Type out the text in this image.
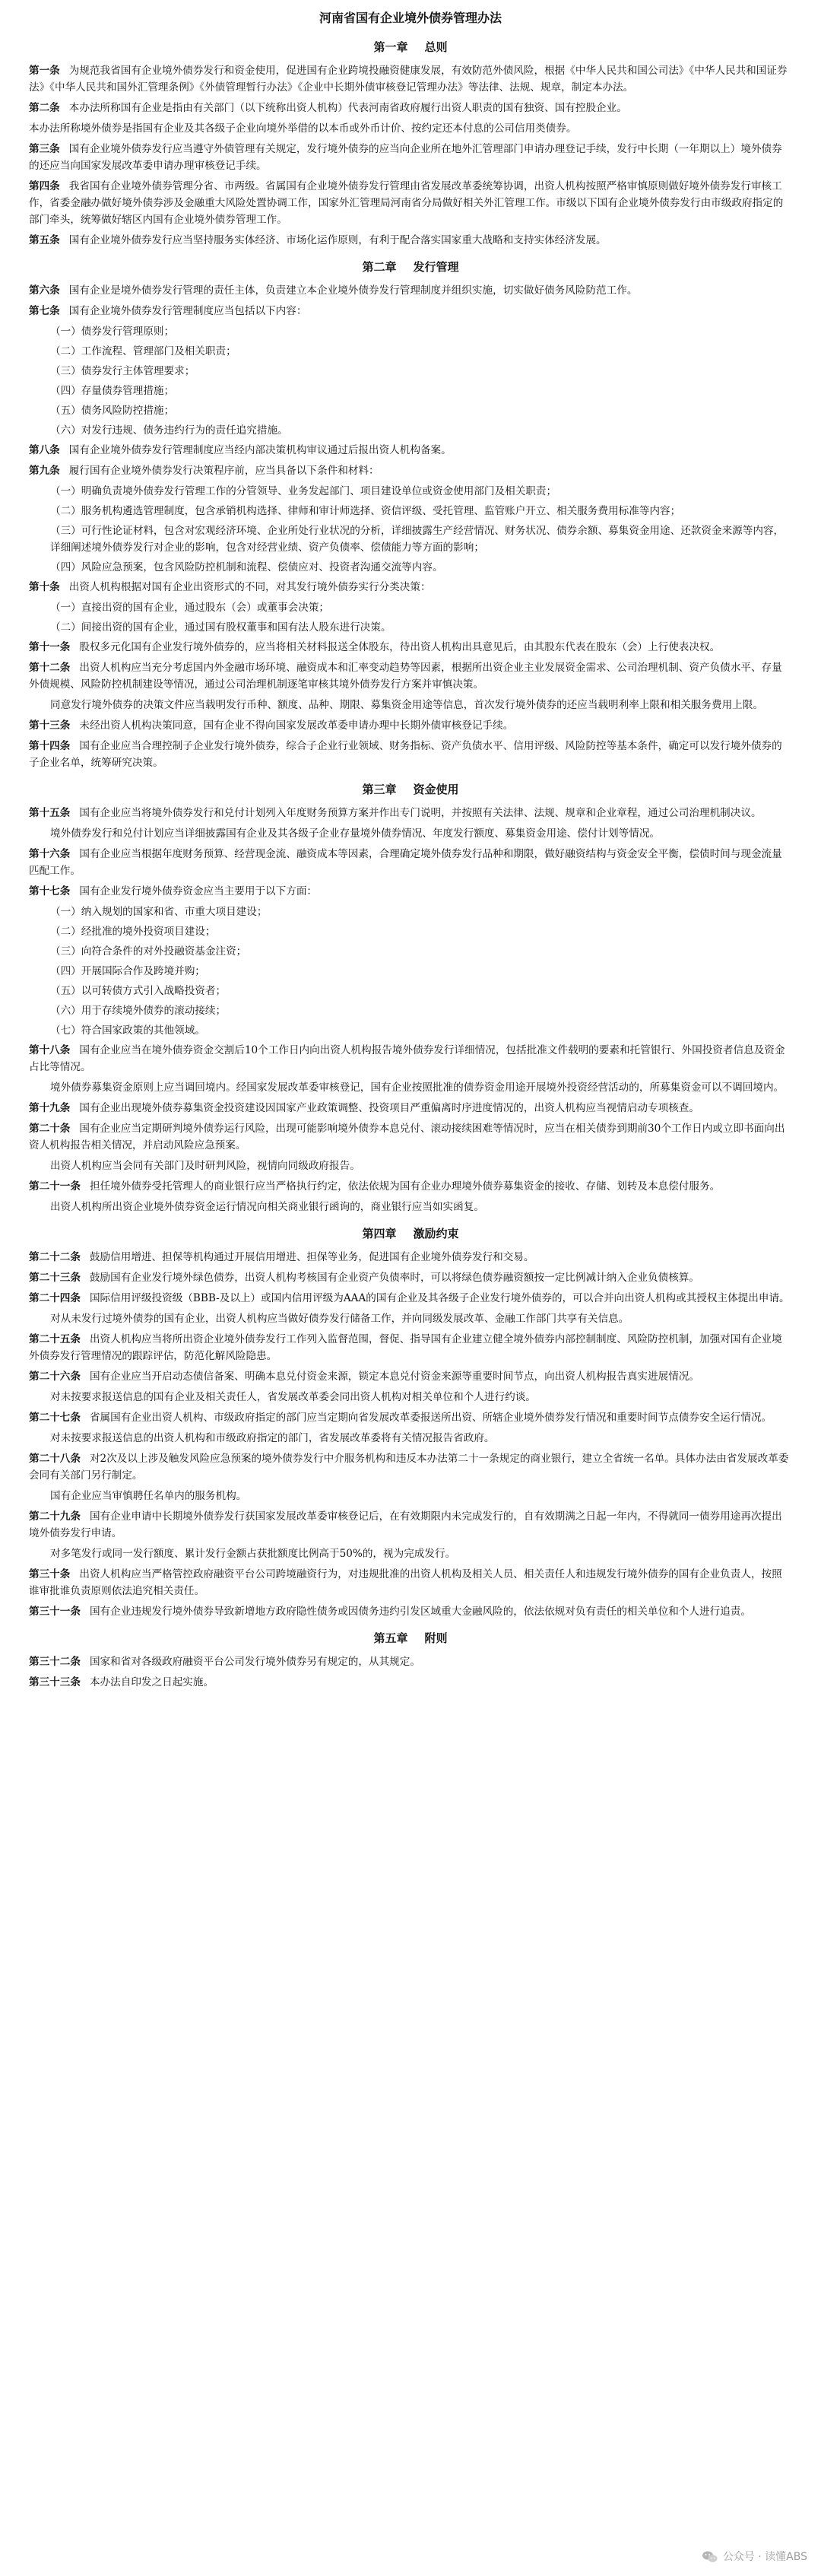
河南省国有企业境外债券管理办法
第一章 总则
第一条 为规范我省国有企业境外债券发行和资金使用，促进国有企业跨境投融资健康发展，有效防范外债风险，根据《中华人民共和国公司法》《中华人民共和国证券法》《中华人民共和国外汇管理条例》《外债管理暂行办法》《企业中长期外债审核登记管理办法》等法律、法规、规章，制定本办法。
第二条 本办法所称国有企业是指由有关部门（以下统称出资人机构）代表河南省政府履行出资人职责的国有独资、国有控股企业。
本办法所称境外债券是指国有企业及其各级子企业向境外举借的以本币或外币计价、按约定还本付息的公司信用类债券。
第三条 国有企业境外债券发行应当遵守外债管理有关规定，发行境外债券的应当向企业所在地外汇管理部门申请办理登记手续，发行中长期（一年期以上）境外债券的还应当向国家发展改革委申请办理审核登记手续。
第四条 我省国有企业境外债券管理分省、市两级。省属国有企业境外债券发行管理由省发展改革委统筹协调，出资人机构按照严格审慎原则做好境外债券发行审核工作，省委金融办做好境外债券涉及金融重大风险处置协调工作，国家外汇管理局河南省分局做好相关外汇管理工作。市级以下国有企业境外债券发行由市级政府指定的部门牵头，统筹做好辖区内国有企业境外债券管理工作。
第五条 国有企业境外债券发行应当坚持服务实体经济、市场化运作原则，有利于配合落实国家重大战略和支持实体经济发展。
第二章 发行管理
第六条 国有企业是境外债券发行管理的责任主体，负责建立本企业境外债券发行管理制度并组织实施，切实做好债务风险防范工作。
第七条 国有企业境外债券发行管理制度应当包括以下内容：
（一）债券发行管理原则；
（二）工作流程、管理部门及相关职责；
（三）债券发行主体管理要求；
（四）存量债券管理措施；
（五）债务风险防控措施；
（六）对发行违规、债务违约行为的责任追究措施。
第八条 国有企业境外债券发行管理制度应当经内部决策机构审议通过后报出资人机构备案。
第九条 履行国有企业境外债券发行决策程序前，应当具备以下条件和材料：
（一）明确负责境外债券发行管理工作的分管领导、业务发起部门、项目建设单位或资金使用部门及相关职责；
（二）服务机构遴选管理制度，包含承销机构选择、律师和审计师选择、资信评级、受托管理、监管账户开立、相关服务费用标准等内容；
（三）可行性论证材料，包含对宏观经济环境、企业所处行业状况的分析，详细披露生产经营情况、财务状况、债券余额、募集资金用途、还款资金来源等内容，详细阐述境外债券发行对企业的影响，包含对经营业绩、资产负债率、偿债能力等方面的影响；
（四）风险应急预案，包含风险防控机制和流程、偿债应对、投资者沟通交流等内容。
第十条 出资人机构根据对国有企业出资形式的不同，对其发行境外债券实行分类决策：
（一）直接出资的国有企业，通过股东（会）或董事会决策；
（二）间接出资的国有企业，通过国有股权董事和国有法人股东进行决策。
第十一条 股权多元化国有企业发行境外债券的，应当将相关材料报送全体股东，待出资人机构出具意见后，由其股东代表在股东（会）上行使表决权。
第十二条 出资人机构应当充分考虑国内外金融市场环境、融资成本和汇率变动趋势等因素，根据所出资企业主业发展资金需求、公司治理机制、资产负债水平、存量外债规模、风险防控机制建设等情况，通过公司治理机制逐笔审核其境外债券发行方案并审慎决策。
同意发行境外债券的决策文件应当载明发行币种、额度、品种、期限、募集资金用途等信息，首次发行境外债券的还应当载明利率上限和相关服务费用上限。
第十三条 未经出资人机构决策同意，国有企业不得向国家发展改革委申请办理中长期外债审核登记手续。
第十四条 国有企业应当合理控制子企业发行境外债券，综合子企业行业领域、财务指标、资产负债水平、信用评级、风险防控等基本条件，确定可以发行境外债券的子企业名单，统筹研究决策。
第三章 资金使用
第十五条 国有企业应当将境外债券发行和兑付计划列入年度财务预算方案并作出专门说明，并按照有关法律、法规、规章和企业章程，通过公司治理机制决议。
境外债券发行和兑付计划应当详细披露国有企业及其各级子企业存量境外债券情况、年度发行额度、募集资金用途、偿付计划等情况。
第十六条 国有企业应当根据年度财务预算、经营现金流、融资成本等因素，合理确定境外债券发行品种和期限，做好融资结构与资金安全平衡，偿债时间与现金流量匹配工作。
第十七条 国有企业发行境外债券资金应当主要用于以下方面：
（一）纳入规划的国家和省、市重大项目建设；
（二）经批准的境外投资项目建设；
（三）向符合条件的对外投融资基金注资；
（四）开展国际合作及跨境并购；
（五）以可转债方式引入战略投资者；
（六）用于存续境外债券的滚动接续；
（七）符合国家政策的其他领域。
第十八条 国有企业应当在境外债券资金交割后10个工作日内向出资人机构报告境外债券发行详细情况，包括批准文件载明的要素和托管银行、外国投资者信息及资金占比等情况。
境外债券募集资金原则上应当调回境内。经国家发展改革委审核登记，国有企业按照批准的债券资金用途开展境外投资经营活动的，所募集资金可以不调回境内。
第十九条 国有企业出现境外债券募集资金投资建设因国家产业政策调整、投资项目严重偏离时序进度情况的，出资人机构应当视情启动专项核查。
第二十条 国有企业应当定期研判境外债券运行风险，出现可能影响境外债券本息兑付、滚动接续困难等情况时，应当在相关债券到期前30个工作日内或立即书面向出资人机构报告相关情况，并启动风险应急预案。
出资人机构应当会同有关部门及时研判风险，视情向同级政府报告。
第二十一条 担任境外债券受托管理人的商业银行应当严格执行约定，依法依规为国有企业办理境外债券募集资金的接收、存储、划转及本息偿付服务。
出资人机构所出资企业境外债券资金运行情况向相关商业银行函询的，商业银行应当如实函复。
第四章 激励约束
第二十二条 鼓励信用增进、担保等机构通过开展信用增进、担保等业务，促进国有企业境外债券发行和交易。
第二十三条 鼓励国有企业发行境外绿色债券，出资人机构考核国有企业资产负债率时，可以将绿色债券融资额按一定比例减计纳入企业负债核算。
第二十四条 国际信用评级投资级（BBB-及以上）或国内信用评级为AAA的国有企业及其各级子企业发行境外债券的，可以合并向出资人机构或其授权主体提出申请。
对从未发行过境外债券的国有企业，出资人机构应当做好债券发行储备工作，并向同级发展改革、金融工作部门共享有关信息。
第二十五条 出资人机构应当将所出资企业境外债券发行工作列入监督范围，督促、指导国有企业建立健全境外债券内部控制制度、风险防控机制，加强对国有企业境外债券发行管理情况的跟踪评估，防范化解风险隐患。
第二十六条 国有企业应当开启动态债信备案、明确本息兑付资金来源，锁定本息兑付资金来源等重要时间节点，向出资人机构报告真实进展情况。
对未按要求报送信息的国有企业及相关责任人，省发展改革委会同出资人机构对相关单位和个人进行约谈。
第二十七条 省属国有企业出资人机构、市级政府指定的部门应当定期向省发展改革委报送所出资、所辖企业境外债券发行情况和重要时间节点债券安全运行情况。
对未按要求报送信息的出资人机构和市级政府指定的部门，省发展改革委将有关情况报告省政府。
第二十八条 对2次及以上涉及触发风险应急预案的境外债券发行中介服务机构和违反本办法第二十一条规定的商业银行，建立全省统一名单。具体办法由省发展改革委会同有关部门另行制定。
国有企业应当审慎聘任名单内的服务机构。
第二十九条 国有企业申请中长期境外债券发行获国家发展改革委审核登记后，在有效期限内未完成发行的，自有效期满之日起一年内，不得就同一债券用途再次提出境外债券发行申请。
对多笔发行或同一发行额度、累计发行金额占获批额度比例高于50%的，视为完成发行。
第三十条 出资人机构应当严格管控政府融资平台公司跨境融资行为，对违规批准的出资人机构及相关人员、相关责任人和违规发行境外债券的国有企业负责人，按照谁审批谁负责原则依法追究相关责任。
第三十一条 国有企业违规发行境外债券导致新增地方政府隐性债务或因债务违约引发区域重大金融风险的，依法依规对负有责任的相关单位和个人进行追责。
第五章 附则
第三十二条 国家和省对各级政府融资平台公司发行境外债券另有规定的，从其规定。
第三十三条 本办法自印发之日起实施。
公众号 · 读懂ABS
